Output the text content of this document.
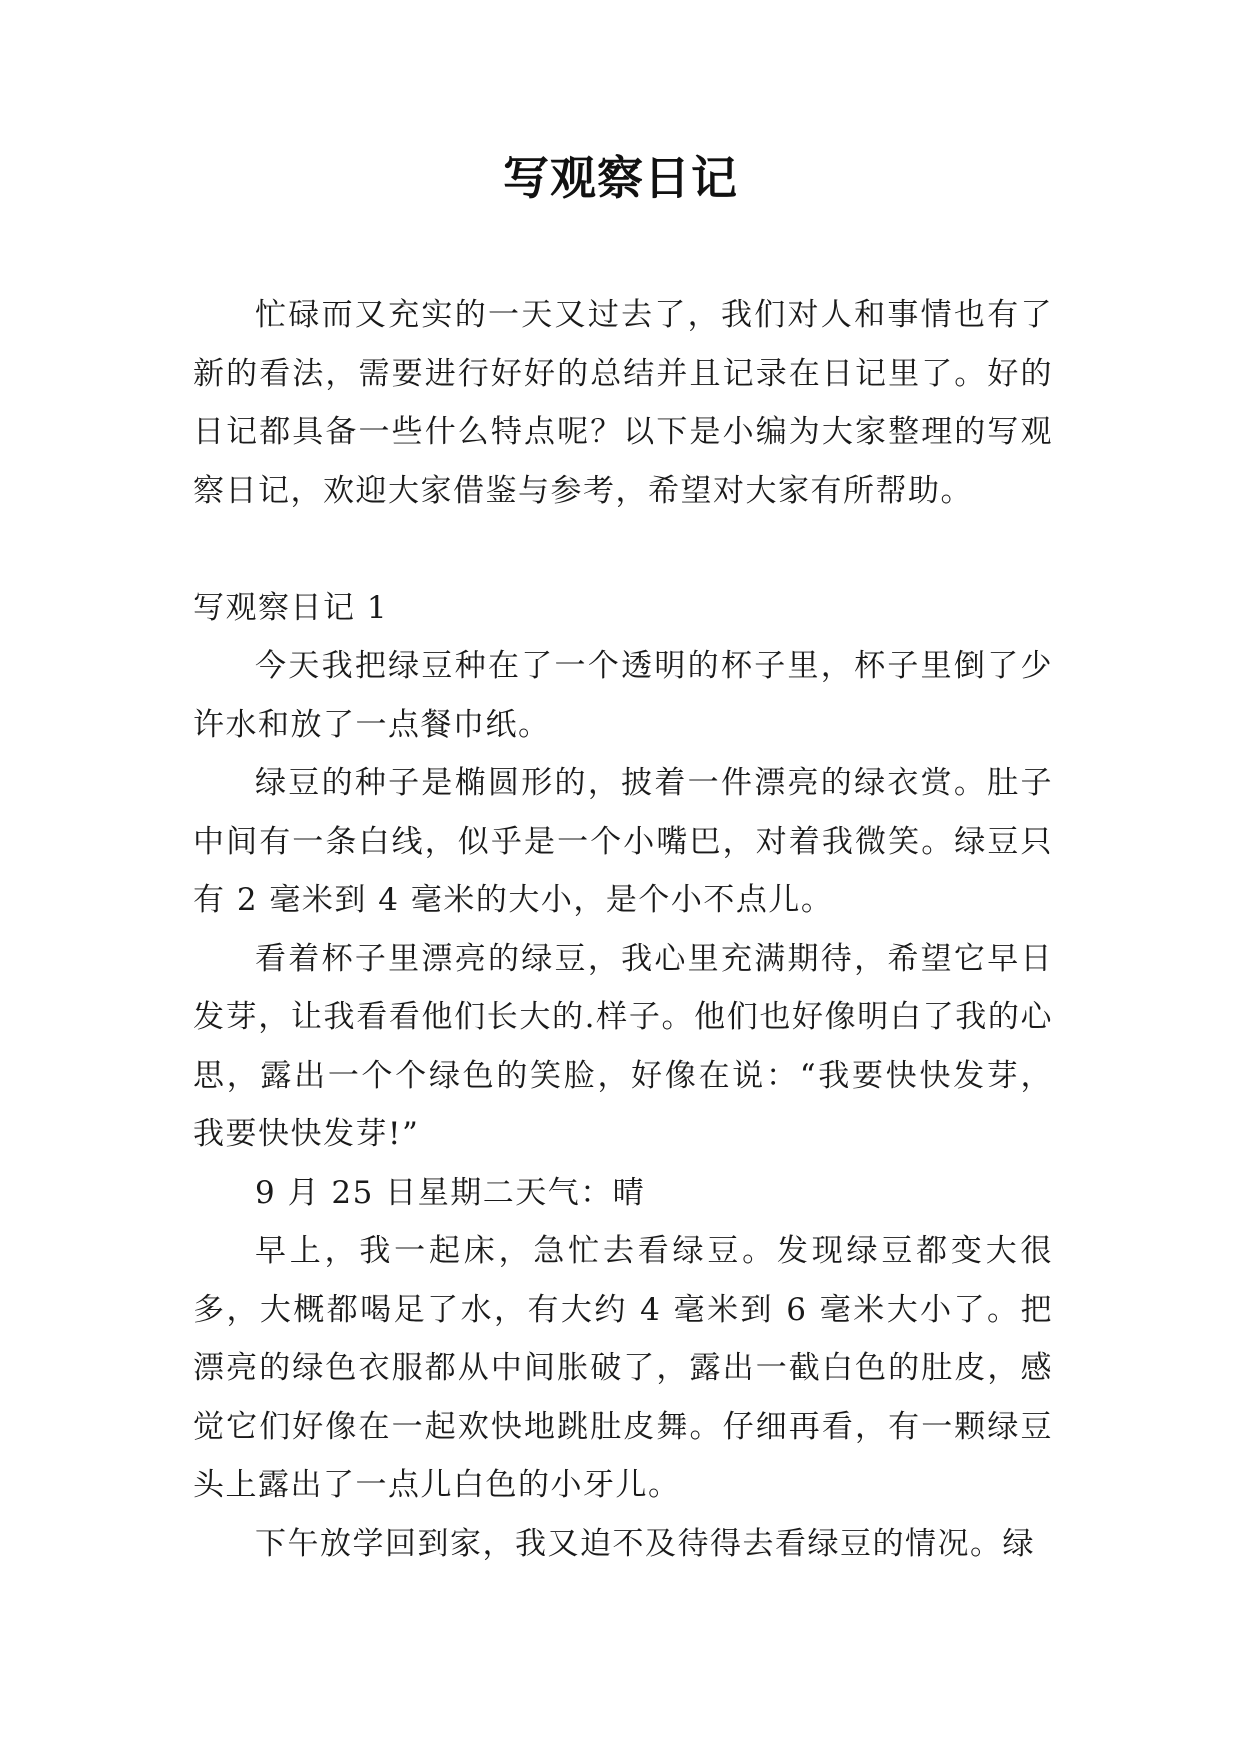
写观察日记

忙碌而又充实的一天又过去了，我们对人和事情也有了新的看法，需要进行好好的总结并且记录在日记里了。好的日记都具备一些什么特点呢？以下是小编为大家整理的写观察日记，欢迎大家借鉴与参考，希望对大家有所帮助。

写观察日记 1

今天我把绿豆种在了一个透明的杯子里，杯子里倒了少许水和放了一点餐巾纸。

绿豆的种子是椭圆形的，披着一件漂亮的绿衣赏。肚子中间有一条白线，似乎是一个小嘴巴，对着我微笑。绿豆只有 2 毫米到 4 毫米的大小，是个小不点儿。

看着杯子里漂亮的绿豆，我心里充满期待，希望它早日发芽，让我看看他们长大的.样子。他们也好像明白了我的心思，露出一个个绿色的笑脸，好像在说：“我要快快发芽，我要快快发芽!”

9 月 25 日星期二天气：晴

早上，我一起床，急忙去看绿豆。发现绿豆都变大很多，大概都喝足了水，有大约 4 毫米到 6 毫米大小了。把漂亮的绿色衣服都从中间胀破了，露出一截白色的肚皮，感觉它们好像在一起欢快地跳肚皮舞。仔细再看，有一颗绿豆头上露出了一点儿白色的小牙儿。

下午放学回到家，我又迫不及待得去看绿豆的情况。绿
